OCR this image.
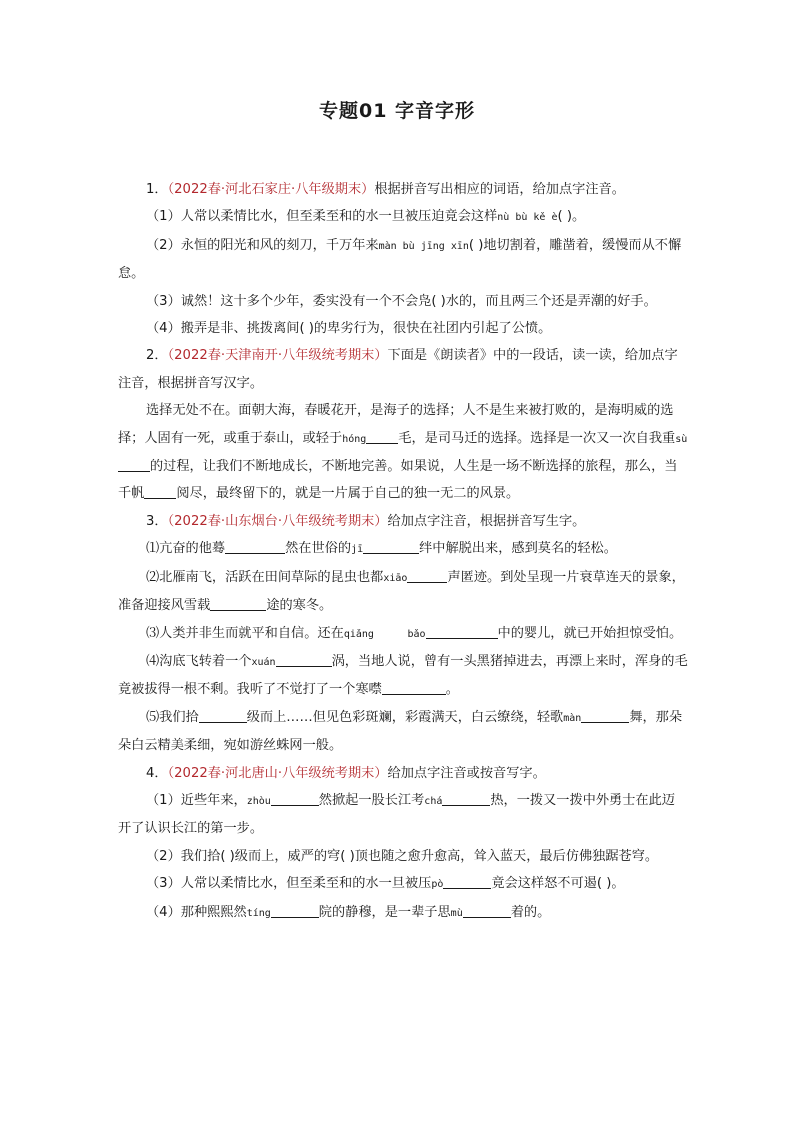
专题01 字音字形

1．（2022春·河北石家庄·八年级期末）根据拼音写出相应的词语，给加点字注音。

（1）人常以柔情比水，但至柔至和的水一旦被压迫竟会这样nù bù kě è( )。

（2）永恒的阳光和风的刻刀，千万年来màn bù jīng xīn( )地切割着，雕凿着，缓慢而从不懈怠。

（3）诚然！这十多个少年，委实没有一个不会凫( )水的，而且两三个还是弄潮的好手。

（4）搬弄是非、挑拨离间( )的卑劣行为，很快在社团内引起了公愤。

2．（2022春·天津南开·八年级统考期末）下面是《朗读者》中的一段话，读一读，给加点字注音，根据拼音写汉字。

选择无处不在。面朝大海，春暖花开，是海子的选择；人不是生来被打败的，是海明威的选择；人固有一死，或重于泰山，或轻于hóng 毛，是司马迁的选择。选择是一次又一次自我重sù的过程，让我们不断地成长，不断地完善。如果说，人生是一场不断选择的旅程，那么，当千帆 阅尽，最终留下的，就是一片属于自己的独一无二的风景。

3．（2022春·山东烟台·八年级统考期末）给加点字注音，根据拼音写生字。

⑴亢奋的他蓦	然在世俗的jī	绊中解脱出来，感到莫名的轻松。

⑵北雁南飞，活跃在田间草际的昆虫也都xiāo	声匿迹。到处呈现一片衰草连天的景象，准备迎接风雪载	途的寒冬。

⑶人类并非生而就平和自信。还在qiǎng	bǎo	中的婴儿，就已开始担惊受怕。

⑷沟底飞转着一个xuán	涡，当地人说，曾有一头黑猪掉进去，再漂上来时，浑身的毛竟被拔得一根不剩。我听了不觉打了一个寒噤	。

⑸我们拾	级而上……但见色彩斑斓，彩霞满天，白云缭绕，轻歌màn	舞，那朵朵白云精美柔细，宛如游丝蛛网一般。

4．（2022春·河北唐山·八年级统考期末）给加点字注音或按音写字。

（1）近些年来，zhòu	然掀起一股长江考chá	热，一拨又一拨中外勇士在此迈开了认识长江的第一步。

（2）我们拾( )级而上，威严的穹( )顶也随之愈升愈高，耸入蓝天，最后仿佛独踞苍穹。

（3）人常以柔情比水，但至柔至和的水一旦被压pò	竟会这样怒不可遏( )。

（4）那种熙熙然tíng	院的静穆，是一辈子思mù	着的。
